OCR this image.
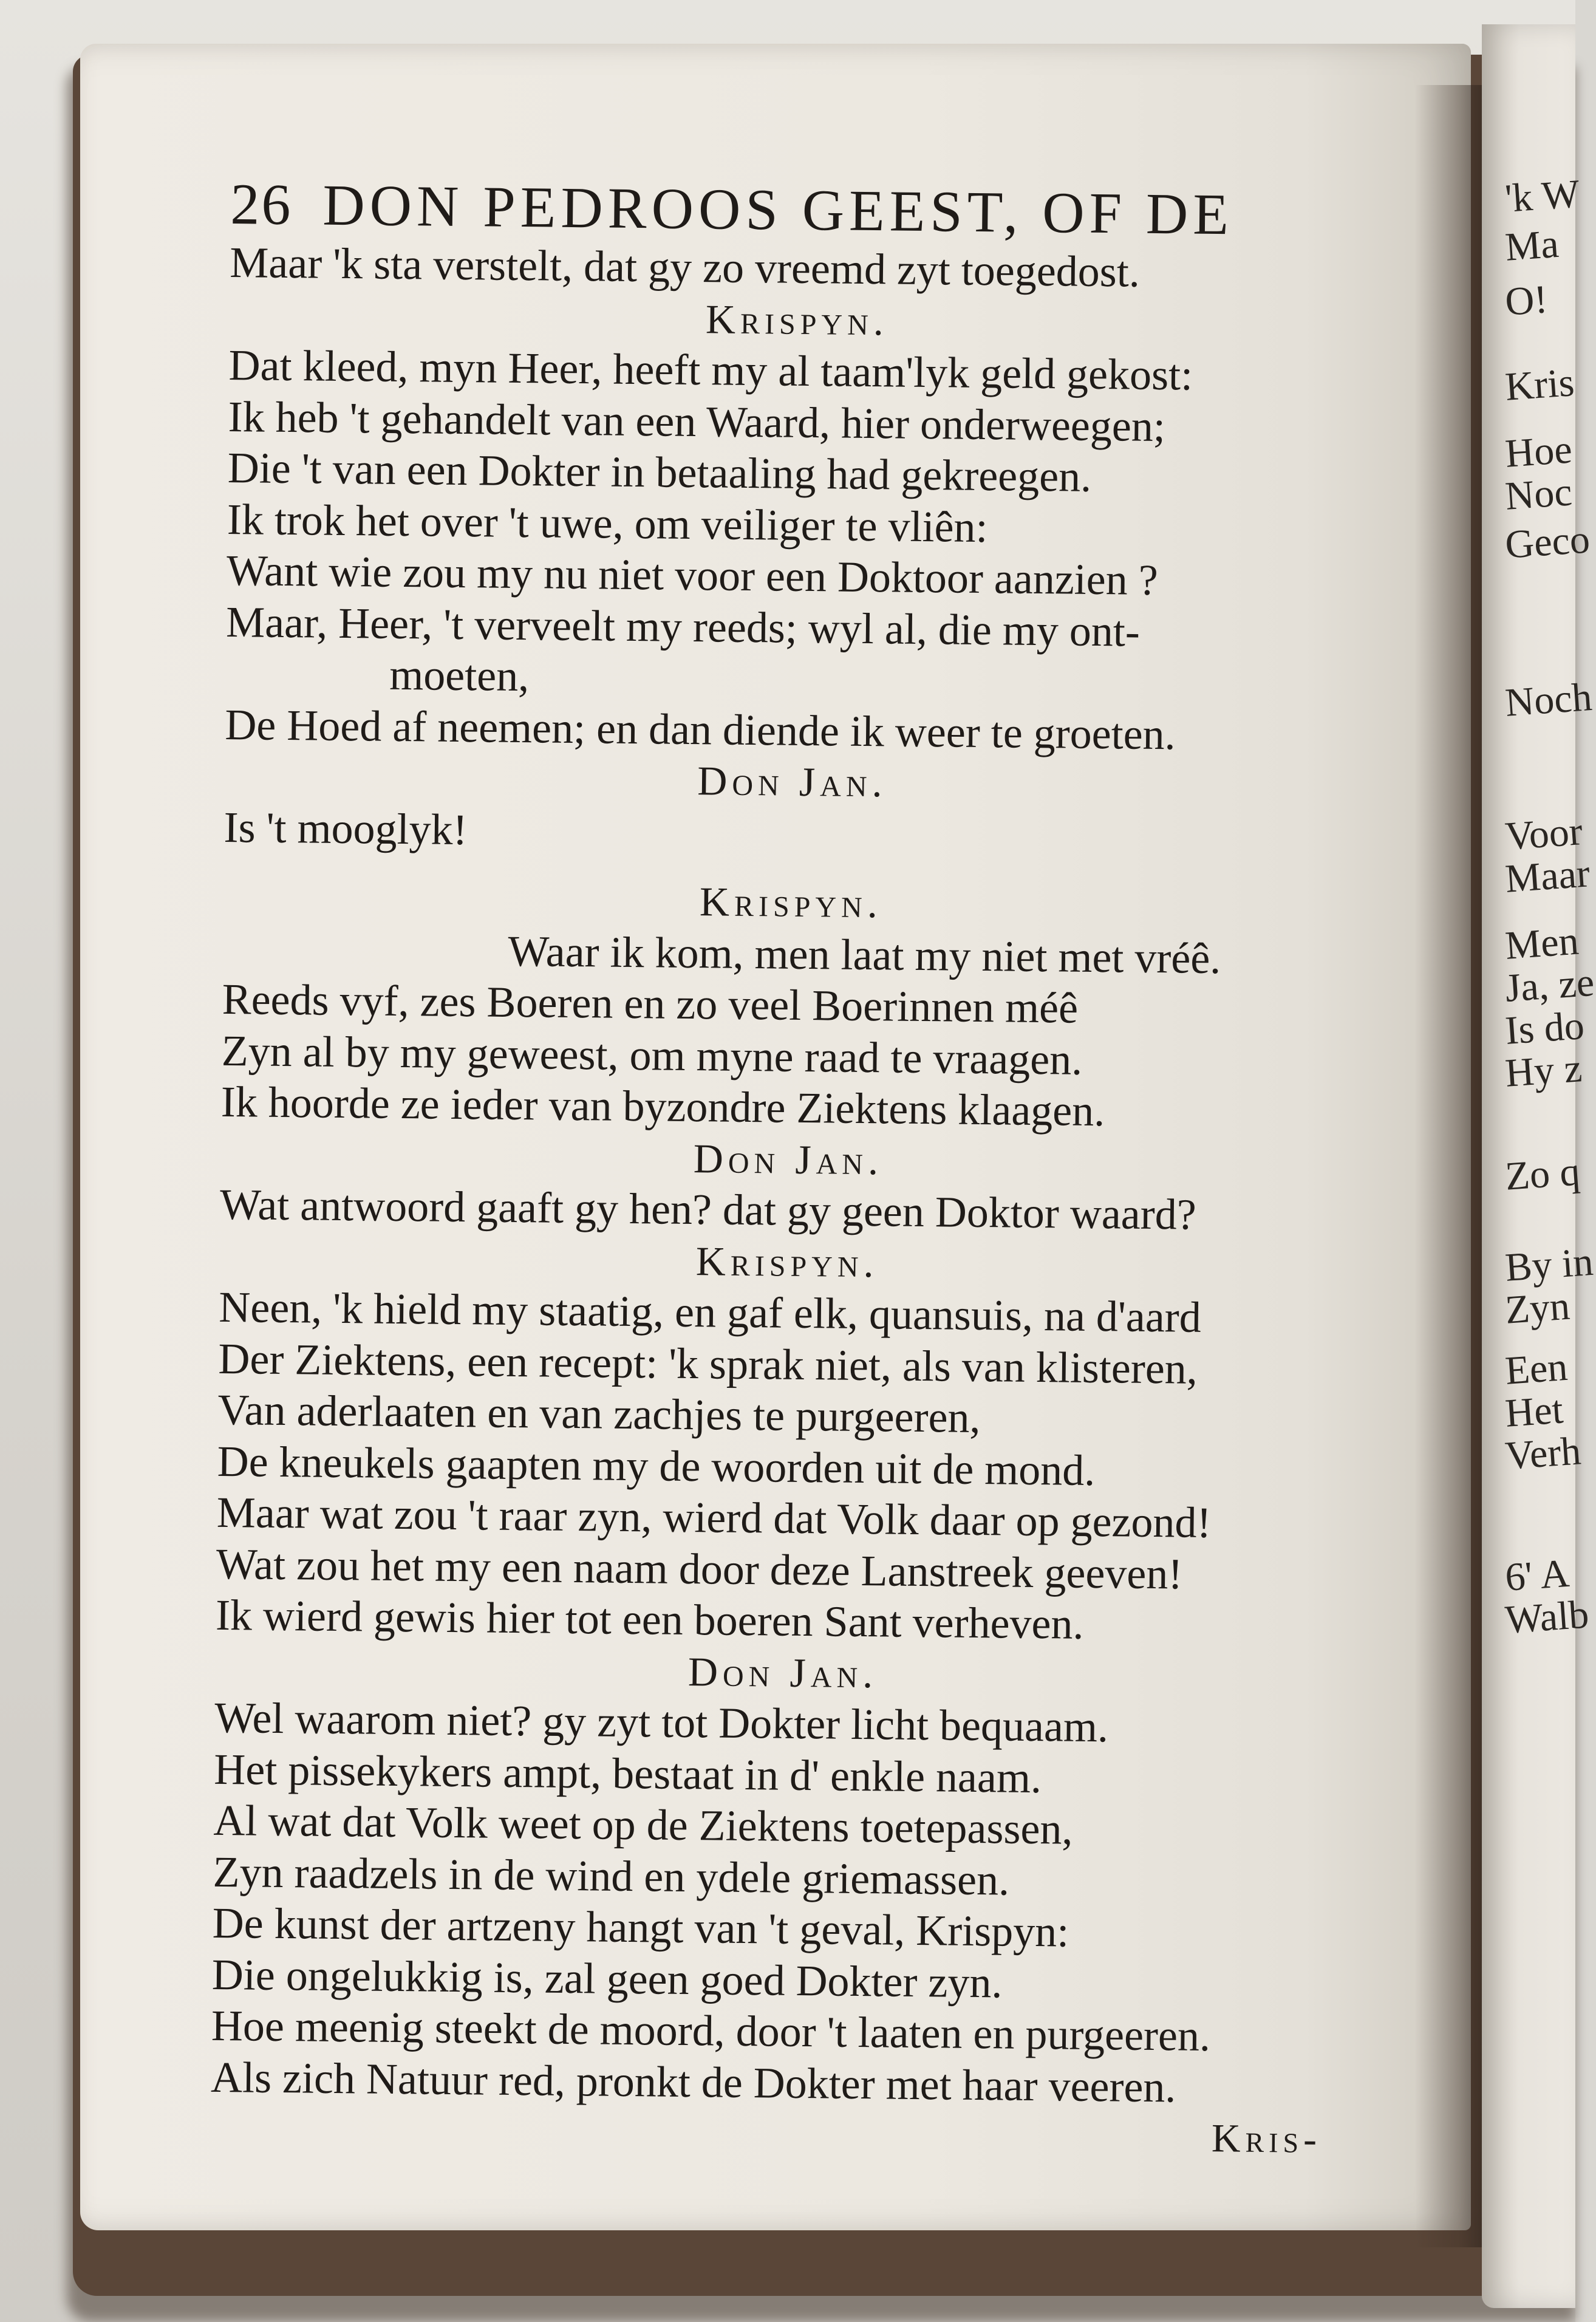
'k W
Ma
O!
Kris
Hoe
Noc
Geco
Noch
Voor
Maar
Men
Ja, ze
Is do
Hy z
Zo q
By in
Zyn
Een
Het
Verh
6' A
Walb
26 DON PEDROOS GEEST, OF DE
Maar 'k sta verstelt, dat gy zo vreemd zyt toegedost.
Krispyn.
Dat kleed, myn Heer, heeft my al taam'lyk geld gekost:
Ik heb 't gehandelt van een Waard, hier onderweegen;
Die 't van een Dokter in betaaling had gekreegen.
Ik trok het over 't uwe, om veiliger te vliên:
Want wie zou my nu niet voor een Doktoor aanzien ?
Maar, Heer, 't verveelt my reeds; wyl al, die my ont-
moeten,
De Hoed af neemen; en dan diende ik weer te groeten.
Don Jan.
Is 't mooglyk!
Krispyn.
Waar ik kom, men laat my niet met vréê.
Reeds vyf, zes Boeren en zo veel Boerinnen méê
Zyn al by my geweest, om myne raad te vraagen.
Ik hoorde ze ieder van byzondre Ziektens klaagen.
Don Jan.
Wat antwoord gaaft gy hen? dat gy geen Doktor waard?
Krispyn.
Neen, 'k hield my staatig, en gaf elk, quansuis, na d'aard
Der Ziektens, een recept: 'k sprak niet, als van klisteren,
Van aderlaaten en van zachjes te purgeeren,
De kneukels gaapten my de woorden uit de mond.
Maar wat zou 't raar zyn, wierd dat Volk daar op gezond!
Wat zou het my een naam door deze Lanstreek geeven!
Ik wierd gewis hier tot een boeren Sant verheven.
Don Jan.
Wel waarom niet? gy zyt tot Dokter licht bequaam.
Het pissekykers ampt, bestaat in d' enkle naam.
Al wat dat Volk weet op de Ziektens toetepassen,
Zyn raadzels in de wind en ydele griemassen.
De kunst der artzeny hangt van 't geval, Krispyn:
Die ongelukkig is, zal geen goed Dokter zyn.
Hoe meenig steekt de moord, door 't laaten en purgeeren.
Als zich Natuur red, pronkt de Dokter met haar veeren.
Kris-
